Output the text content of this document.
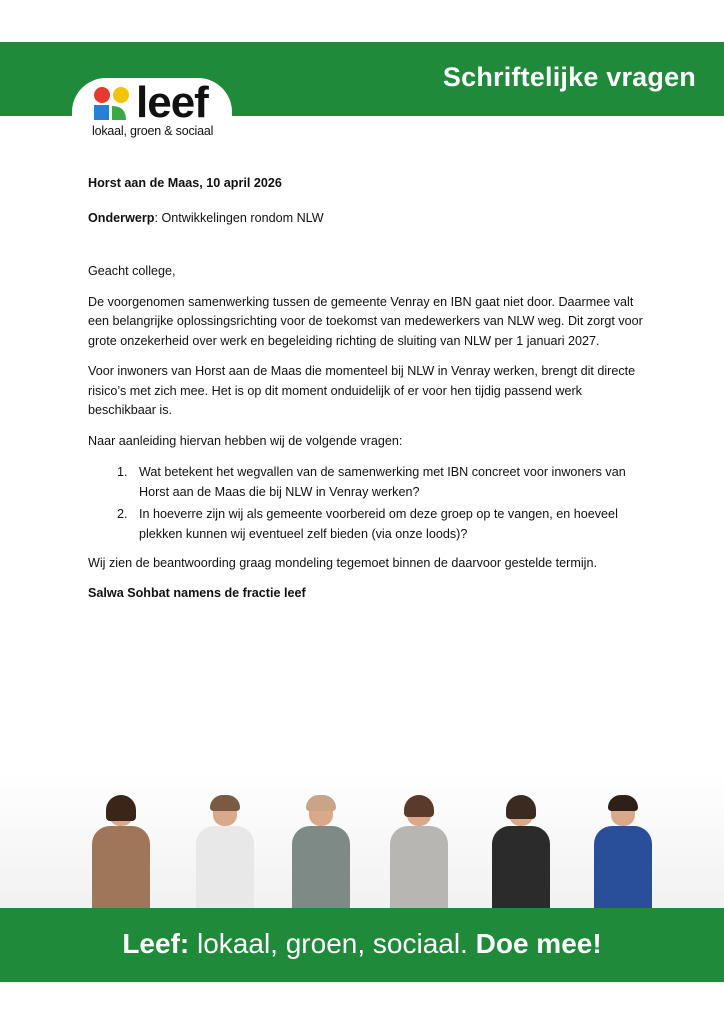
Schriftelijke vragen
leef
lokaal, groen & sociaal

Horst aan de Maas, 10 april 2026

Onderwerp: Ontwikkelingen rondom NLW

Geacht college,

De voorgenomen samenwerking tussen de gemeente Venray en IBN gaat niet door. Daarmee valt een belangrijke oplossingsrichting voor de toekomst van medewerkers van NLW weg. Dit zorgt voor grote onzekerheid over werk en begeleiding richting de sluiting van NLW per 1 januari 2027.

Voor inwoners van Horst aan de Maas die momenteel bij NLW in Venray werken, brengt dit directe risico’s met zich mee. Het is op dit moment onduidelijk of er voor hen tijdig passend werk beschikbaar is.

Naar aanleiding hiervan hebben wij de volgende vragen:

1. Wat betekent het wegvallen van de samenwerking met IBN concreet voor inwoners van Horst aan de Maas die bij NLW in Venray werken?
2. In hoeverre zijn wij als gemeente voorbereid om deze groep op te vangen, en hoeveel plekken kunnen wij eventueel zelf bieden (via onze loods)?

Wij zien de beantwoording graag mondeling tegemoet binnen de daarvoor gestelde termijn.

Salwa Sohbat namens de fractie leef

Leef: lokaal, groen, sociaal. Doe mee!
